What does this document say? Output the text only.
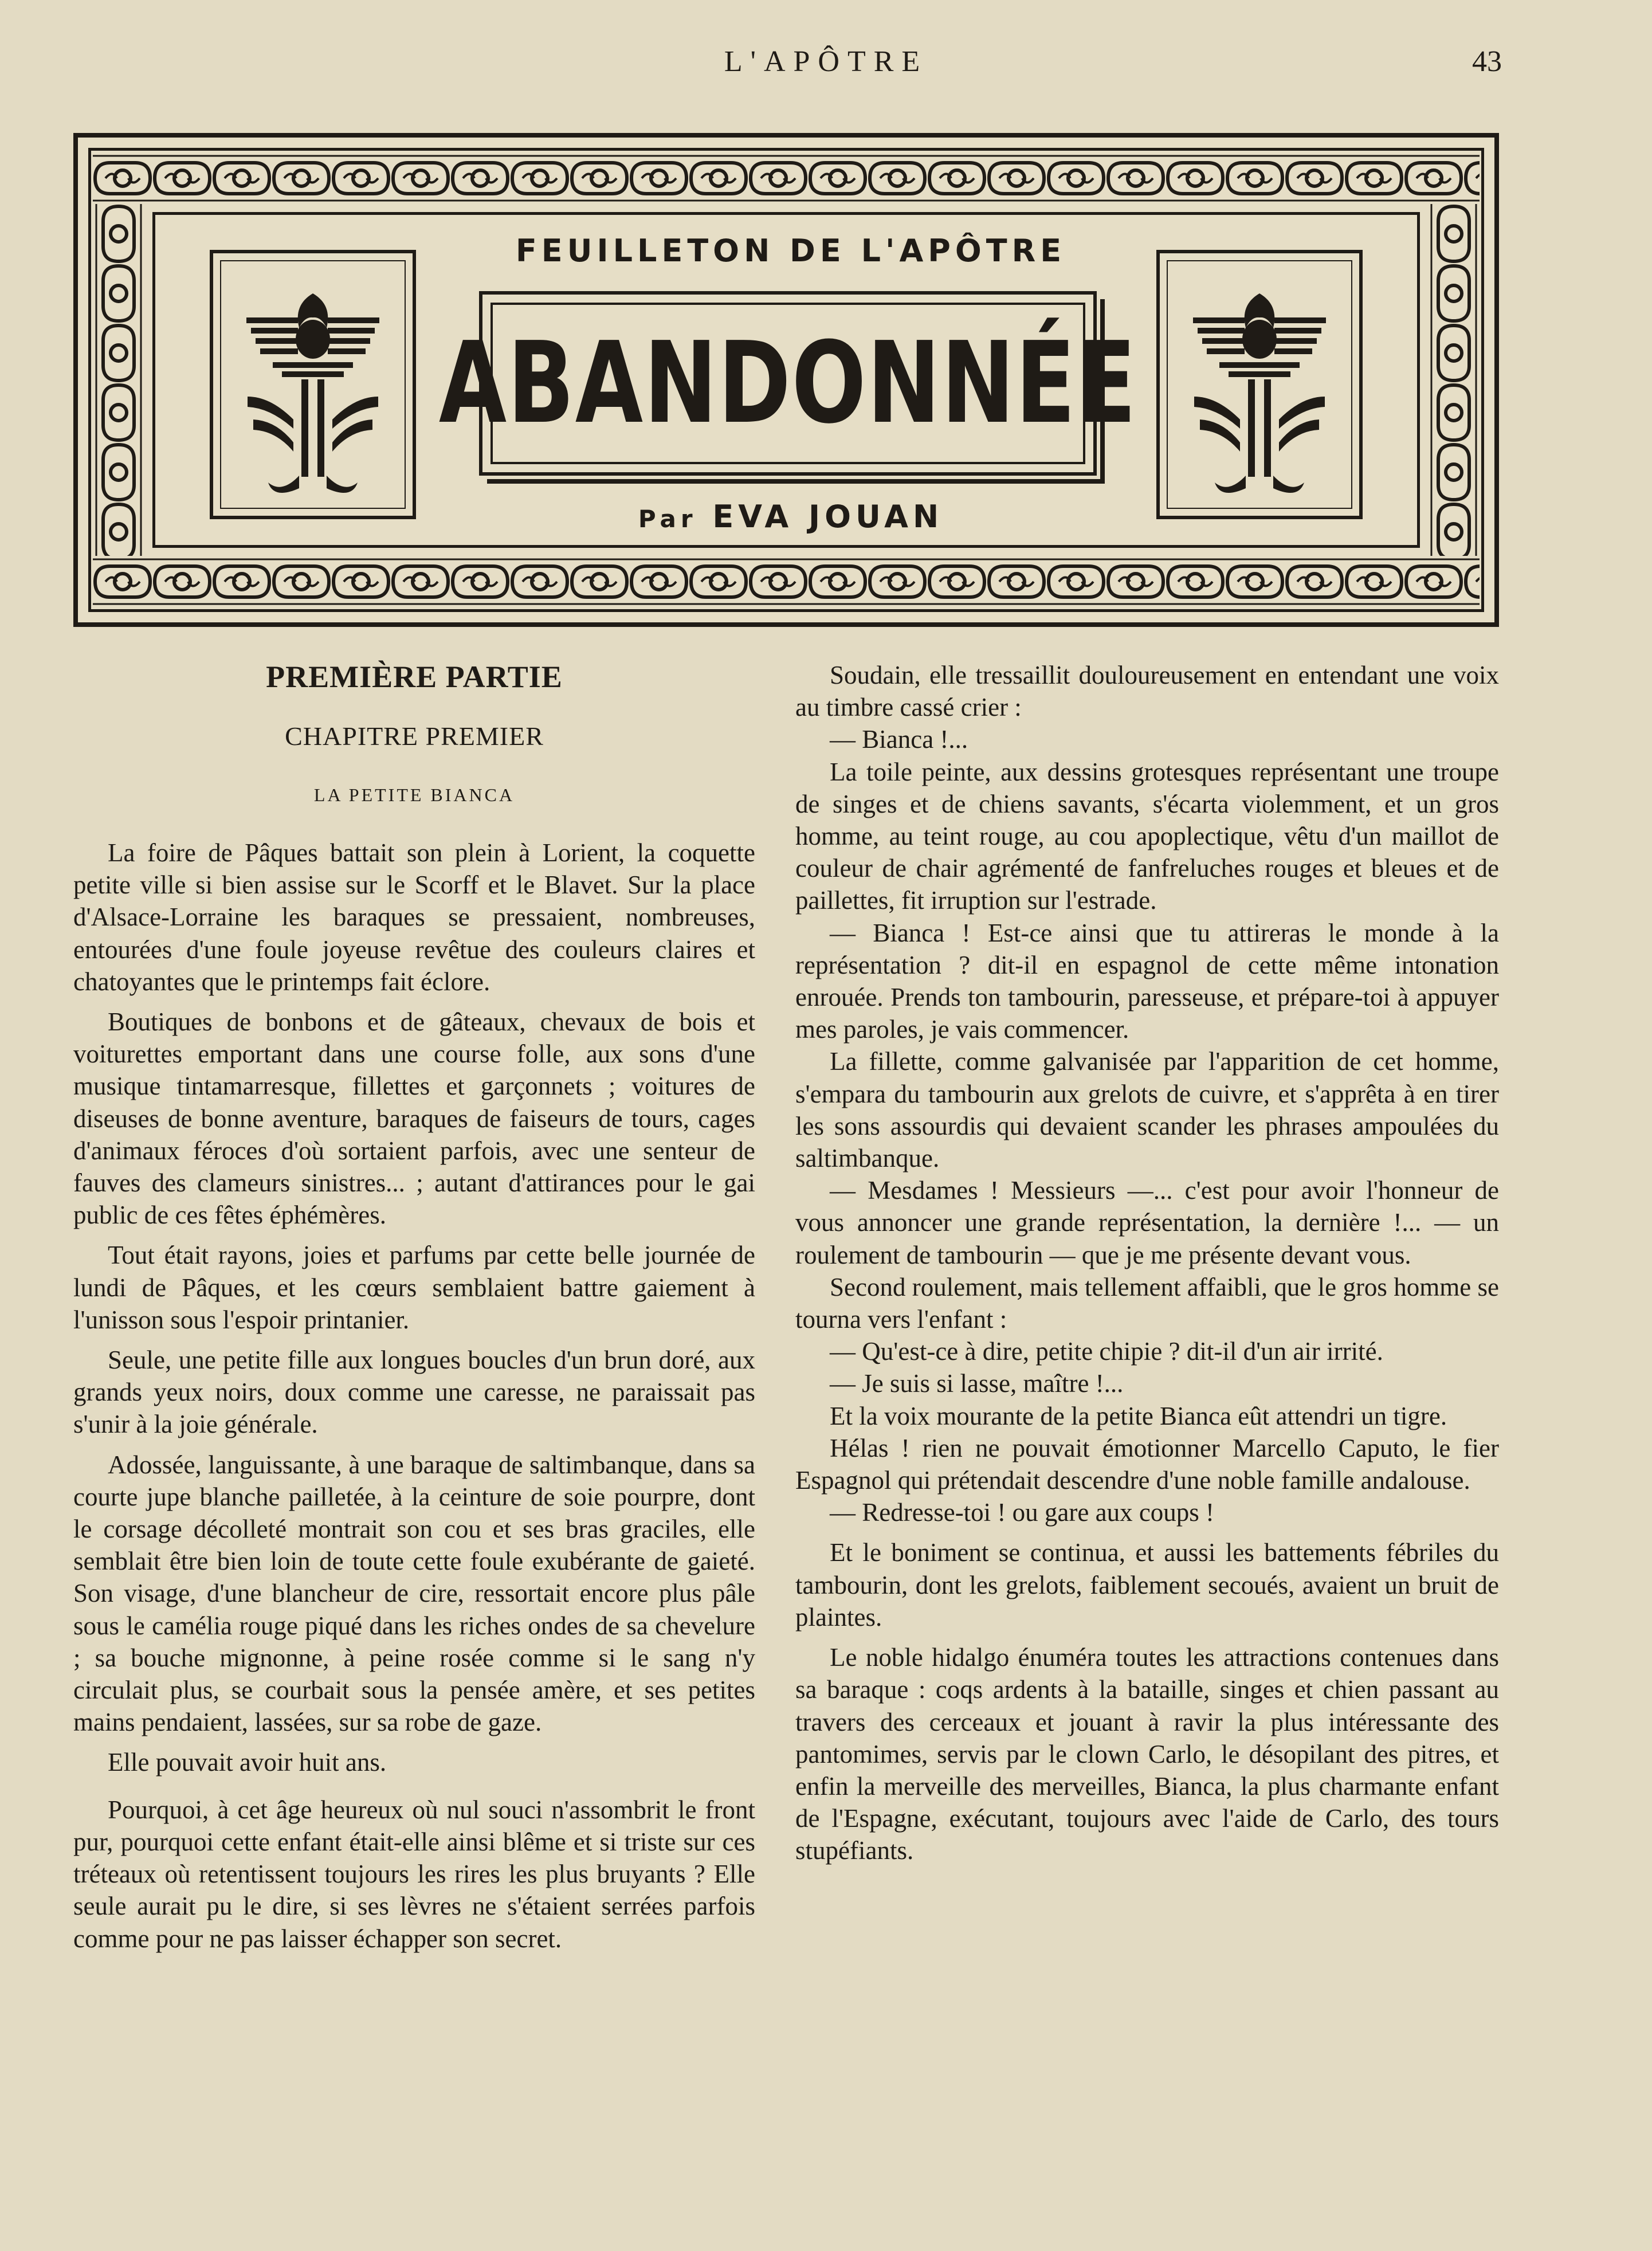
L'APÔTRE	43
FEUILLETON DE L'APÔTRE
ABANDONNÉE
Par EVA JOUAN
PREMIÈRE PARTIE
CHAPITRE PREMIER
LA PETITE BIANCA

La foire de Pâques battait son plein à Lorient, la coquette petite ville si bien assise sur le Scorff et le Blavet. Sur la place d'Alsace-Lorraine les baraques se pressaient, nombreuses, entourées d'une foule joyeuse revêtue des couleurs claires et chatoyantes que le printemps fait éclore.

Boutiques de bonbons et de gâteaux, chevaux de bois et voiturettes emportant dans une course folle, aux sons d'une musique tintamarresque, fillettes et garçonnets ; voitures de diseuses de bonne aventure, baraques de faiseurs de tours, cages d'animaux féroces d'où sortaient parfois, avec une senteur de fauves des clameurs sinistres... ; autant d'attirances pour le gai public de ces fêtes éphémères.

Tout était rayons, joies et parfums par cette belle journée de lundi de Pâques, et les cœurs semblaient battre gaiement à l'unisson sous l'espoir printanier.

Seule, une petite fille aux longues boucles d'un brun doré, aux grands yeux noirs, doux comme une caresse, ne paraissait pas s'unir à la joie générale.

Adossée, languissante, à une baraque de saltimbanque, dans sa courte jupe blanche pailletée, à la ceinture de soie pourpre, dont le corsage décolleté montrait son cou et ses bras graciles, elle semblait être bien loin de toute cette foule exubérante de gaieté. Son visage, d'une blancheur de cire, ressortait encore plus pâle sous le camélia rouge piqué dans les riches ondes de sa chevelure ; sa bouche mignonne, à peine rosée comme si le sang n'y circulait plus, se courbait sous la pensée amère, et ses petites mains pendaient, lassées, sur sa robe de gaze.

Elle pouvait avoir huit ans.

Pourquoi, à cet âge heureux où nul souci n'assombrit le front pur, pourquoi cette enfant était-elle ainsi blême et si triste sur ces tréteaux où retentissent toujours les rires les plus bruyants ? Elle seule aurait pu le dire, si ses lèvres ne s'étaient serrées parfois comme pour ne pas laisser échapper son secret.

Soudain, elle tressaillit douloureusement en entendant une voix au timbre cassé crier :

— Bianca !...

La toile peinte, aux dessins grotesques représentant une troupe de singes et de chiens savants, s'écarta violemment, et un gros homme, au teint rouge, au cou apoplectique, vêtu d'un maillot de couleur de chair agrémenté de fanfreluches rouges et bleues et de paillettes, fit irruption sur l'estrade.

— Bianca ! Est-ce ainsi que tu attireras le monde à la représentation ? dit-il en espagnol de cette même intonation enrouée. Prends ton tambourin, paresseuse, et prépare-toi à appuyer mes paroles, je vais commencer.

La fillette, comme galvanisée par l'apparition de cet homme, s'empara du tambourin aux grelots de cuivre, et s'apprêta à en tirer les sons assourdis qui devaient scander les phrases ampoulées du saltimbanque.

— Mesdames ! Messieurs —... c'est pour avoir l'honneur de vous annoncer une grande représentation, la dernière !... — un roulement de tambourin — que je me présente devant vous.

Second roulement, mais tellement affaibli, que le gros homme se tourna vers l'enfant :

— Qu'est-ce à dire, petite chipie ? dit-il d'un air irrité.

— Je suis si lasse, maître !...

Et la voix mourante de la petite Bianca eût attendri un tigre.

Hélas ! rien ne pouvait émotionner Marcello Caputo, le fier Espagnol qui prétendait descendre d'une noble famille andalouse.

— Redresse-toi ! ou gare aux coups !

Et le boniment se continua, et aussi les battements fébriles du tambourin, dont les grelots, faiblement secoués, avaient un bruit de plaintes.

Le noble hidalgo énuméra toutes les attractions contenues dans sa baraque : coqs ardents à la bataille, singes et chien passant au travers des cerceaux et jouant à ravir la plus intéressante des pantomimes, servis par le clown Carlo, le désopilant des pitres, et enfin la merveille des merveilles, Bianca, la plus charmante enfant de l'Espagne, exécutant, toujours avec l'aide de Carlo, des tours stupéfiants.
